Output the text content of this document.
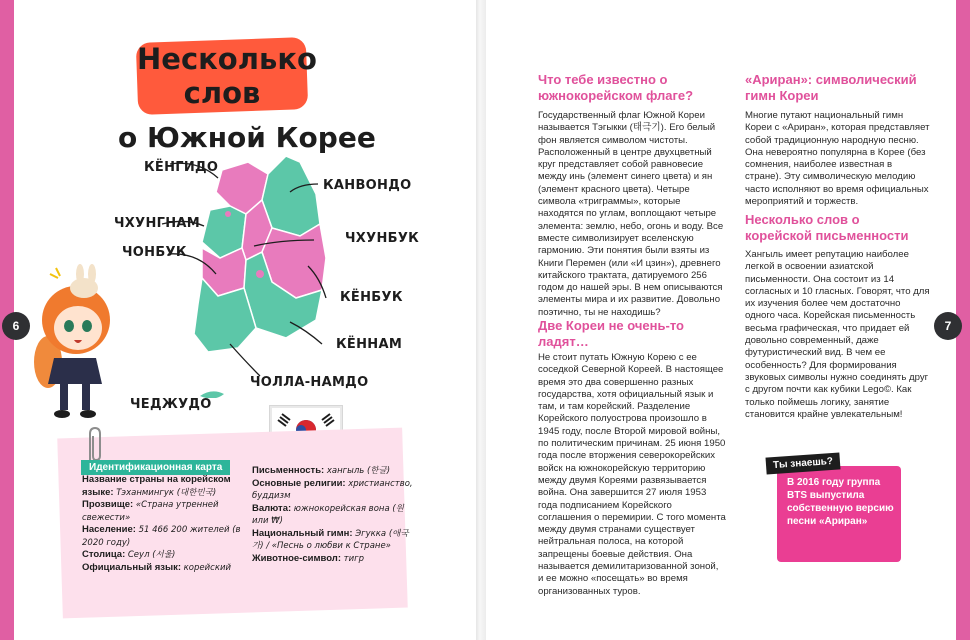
6	7
Несколько
слов
о Южной Корее
КЁНГИДО
КАНВОНДО
ЧХУНГНАМ
ЧХУНБУК
ЧОНБУК
КЁНБУК
КЁННАМ
ЧОЛЛА-НАМДО
ЧЕДЖУДО
Идентификационная карта
Название страны на корейском языке: Тэханмингук (대한민국)
Прозвище: «Страна утренней свежести»
Население: 51 466 200 жителей (в 2020 году)
Столица: Сеул (서울)
Официальный язык: корейский
Письменность: хангыль (한글)
Основные религии: христианство, буддизм
Валюта: южнокорейская вона (원 или ₩)
Национальный гимн: Эгукка (애국가) / «Песнь о любви к Стране»
Животное-символ: тигр
Что тебе известно о южнокорейском флаге?
Государственный флаг Южной Кореи называется Тэгыкки (태극기). Его белый фон является символом чистоты. Расположенный в центре двухцветный круг представляет собой равновесие между инь (элемент синего цвета) и ян (элемент красного цвета). Четыре символа «триграммы», которые находятся по углам, воплощают четыре элемента: землю, небо, огонь и воду. Все вместе символизирует вселенскую гармонию. Эти понятия были взяты из Книги Перемен (или «И цзин»), древнего китайского трактата, датируемого 256 годом до нашей эры. В нем описываются элементы мира и их развитие. Довольно поэтично, ты не находишь?
Две Кореи не очень-то ладят…
Не стоит путать Южную Корею с ее соседкой Северной Кореей. В настоящее время это два совершенно разных государства, хотя официальный язык и там, и там корейский. Разделение Корейского полуострова произошло в 1945 году, после Второй мировой войны, по политическим причинам. 25 июня 1950 года после вторжения северокорейских войск на южнокорейскую территорию между двумя Кореями развязывается война. Она завершится 27 июля 1953 года подписанием Корейского соглашения о перемирии. С того момента между двумя странами существует нейтральная полоса, на которой запрещены боевые действия. Она называется демилитаризованной зоной, и ее можно «посещать» во время организованных туров.
«Ариран»: символический гимн Кореи
Многие путают национальный гимн Кореи с «Ариран», которая представляет собой традиционную народную песню. Она невероятно популярна в Корее (без сомнения, наиболее известная в стране). Эту символическую мелодию часто исполняют во время официальных мероприятий и торжеств.
Несколько слов о корейской письменности
Хангыль имеет репутацию наиболее легкой в освоении азиатской письменности. Она состоит из 14 согласных и 10 гласных. Говорят, что для их изучения более чем достаточно одного часа. Корейская письменность весьма графическая, что придает ей довольно современный, даже футуристический вид. В чем ее особенность? Для формирования звуковых символы нужно соединять друг с другом почти как кубики Lego©. Как только поймешь логику, занятие становится крайне увлекательным!
Ты знаешь?
В 2016 году группа BTS выпустила собственную версию песни «Ариран»
